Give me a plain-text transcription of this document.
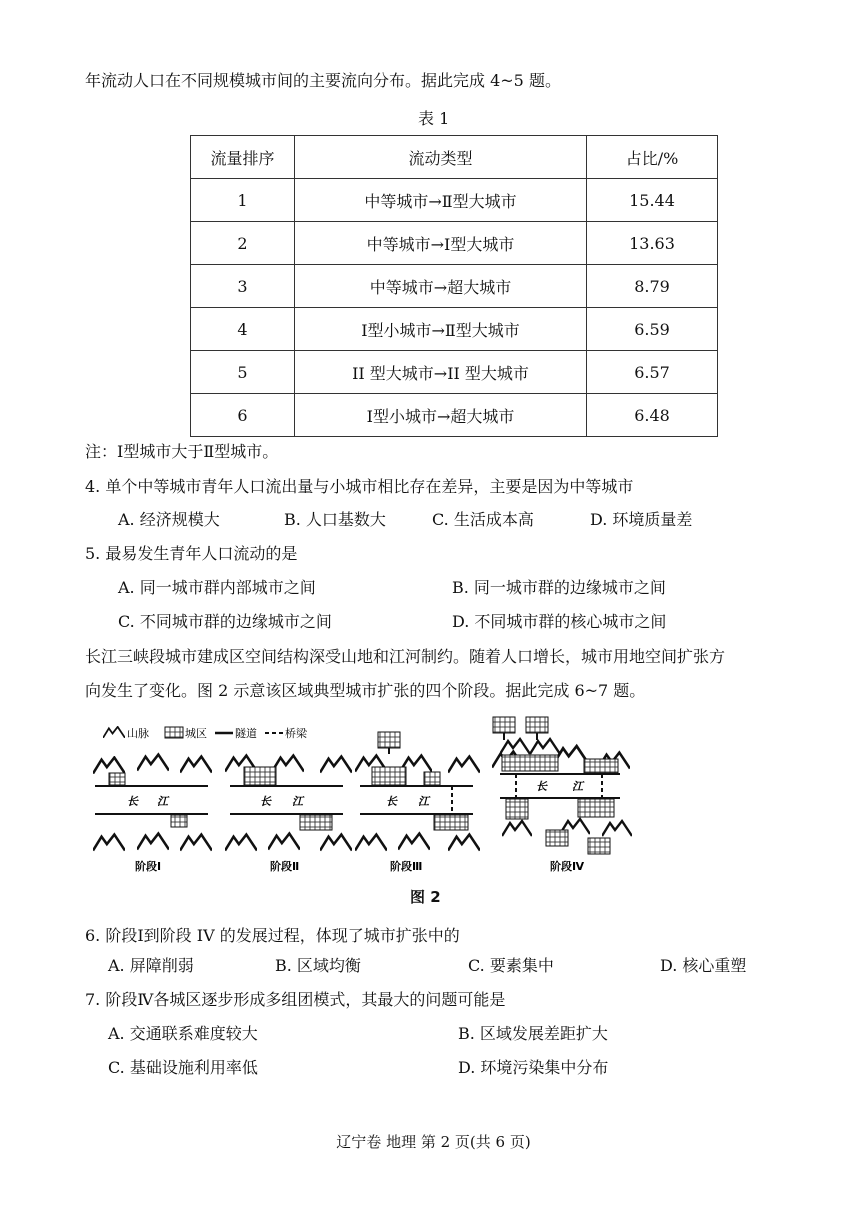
年流动人口在不同规模城市间的主要流向分布。据此完成 4~5 题。
表 1
流量排序	流动类型	占比/%
1	中等城市→Ⅱ型大城市	15.44
2	中等城市→Ⅰ型大城市	13.63
3	中等城市→超大城市	8.79
4	Ⅰ型小城市→Ⅱ型大城市	6.59
5	II 型大城市→II 型大城市	6.57
6	Ⅰ型小城市→超大城市	6.48
注：Ⅰ型城市大于Ⅱ型城市。
4. 单个中等城市青年人口流出量与小城市相比存在差异，主要是因为中等城市
A. 经济规模大	B. 人口基数大	C. 生活成本高	D. 环境质量差
5. 最易发生青年人口流动的是
A. 同一城市群内部城市之间	B. 同一城市群的边缘城市之间
C. 不同城市群的边缘城市之间	D. 不同城市群的核心城市之间
长江三峡段城市建成区空间结构深受山地和江河制约。随着人口增长，城市用地空间扩张方
向发生了变化。图 2 示意该区域典型城市扩张的四个阶段。据此完成 6~7 题。
山脉	城区	隧道	桥梁
长 江
阶段Ⅰ
长 江
阶段Ⅱ
长 江
阶段Ⅲ
长 江
阶段Ⅳ
图 2
6. 阶段Ⅰ到阶段 IV 的发展过程，体现了城市扩张中的
A. 屏障削弱	B. 区域均衡	C. 要素集中	D. 核心重塑
7. 阶段Ⅳ各城区逐步形成多组团模式，其最大的问题可能是
A. 交通联系难度较大	B. 区域发展差距扩大
C. 基础设施利用率低	D. 环境污染集中分布
辽宁卷 地理 第 2 页(共 6 页)
